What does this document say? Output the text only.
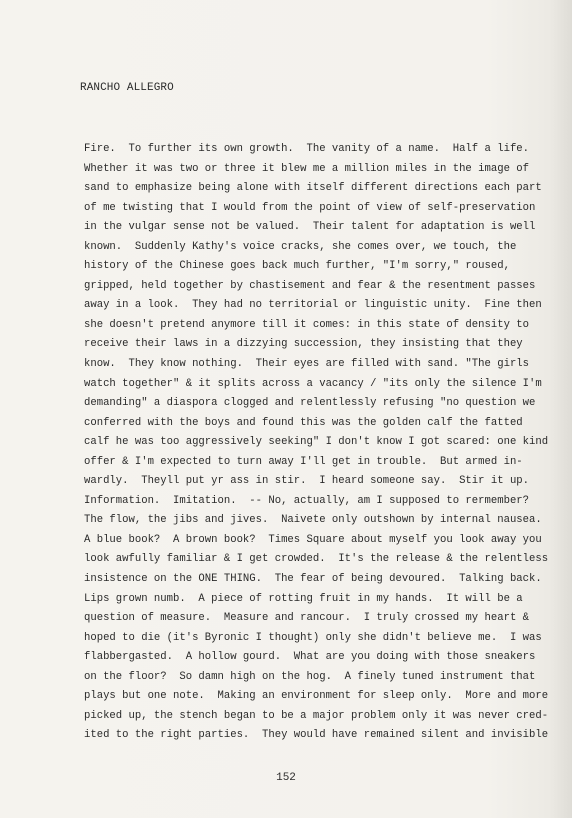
RANCHO ALLEGRO
Fire.  To further its own growth.  The vanity of a name.  Half a life.
Whether it was two or three it blew me a million miles in the image of
sand to emphasize being alone with itself different directions each part
of me twisting that I would from the point of view of self-preservation
in the vulgar sense not be valued.  Their talent for adaptation is well
known.  Suddenly Kathy's voice cracks, she comes over, we touch, the
history of the Chinese goes back much further, "I'm sorry," roused,
gripped, held together by chastisement and fear & the resentment passes
away in a look.  They had no territorial or linguistic unity.  Fine then
she doesn't pretend anymore till it comes: in this state of density to
receive their laws in a dizzying succession, they insisting that they
know.  They know nothing.  Their eyes are filled with sand. "The girls
watch together" & it splits across a vacancy / "its only the silence I'm
demanding" a diaspora clogged and relentlessly refusing "no question we
conferred with the boys and found this was the golden calf the fatted
calf he was too aggressively seeking" I don't know I got scared: one kind
offer & I'm expected to turn away I'll get in trouble.  But armed in-
wardly.  Theyll put yr ass in stir.  I heard someone say.  Stir it up.
Information.  Imitation.  -- No, actually, am I supposed to rermember?
The flow, the jibs and jives.  Naivete only outshown by internal nausea.
A blue book?  A brown book?  Times Square about myself you look away you
look awfully familiar & I get crowded.  It's the release & the relentless
insistence on the ONE THING.  The fear of being devoured.  Talking back.
Lips grown numb.  A piece of rotting fruit in my hands.  It will be a
question of measure.  Measure and rancour.  I truly crossed my heart &
hoped to die (it's Byronic I thought) only she didn't believe me.  I was
flabbergasted.  A hollow gourd.  What are you doing with those sneakers
on the floor?  So damn high on the hog.  A finely tuned instrument that
plays but one note.  Making an environment for sleep only.  More and more
picked up, the stench began to be a major problem only it was never cred-
ited to the right parties.  They would have remained silent and invisible
152
